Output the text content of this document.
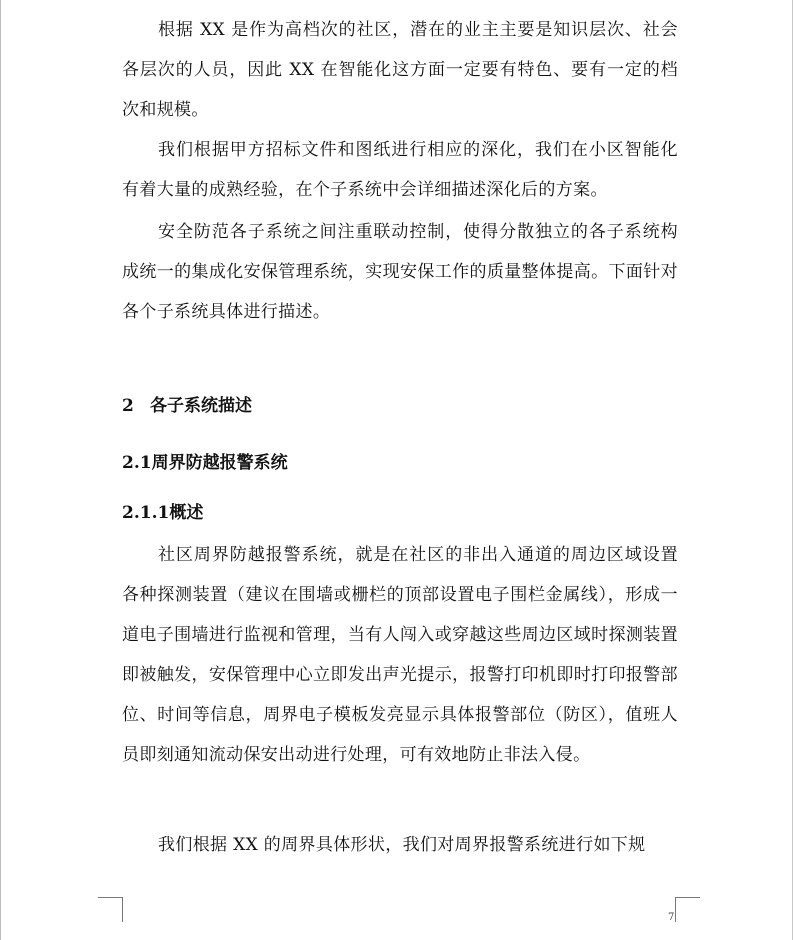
根据 XX 是作为高档次的社区，潜在的业主主要是知识层次、社会各层次的人员，因此 XX 在智能化这方面一定要有特色、要有一定的档次和规模。

我们根据甲方招标文件和图纸进行相应的深化，我们在小区智能化有着大量的成熟经验，在个子系统中会详细描述深化后的方案。

安全防范各子系统之间注重联动控制，使得分散独立的各子系统构成统一的集成化安保管理系统，实现安保工作的质量整体提高。下面针对各个子系统具体进行描述。

2 各子系统描述
2.1周界防越报警系统
2.1.1概述

社区周界防越报警系统，就是在社区的非出入通道的周边区域设置各种探测装置（建议在围墙或栅栏的顶部设置电子围栏金属线），形成一道电子围墙进行监视和管理，当有人闯入或穿越这些周边区域时探测装置即被触发，安保管理中心立即发出声光提示，报警打印机即时打印报警部位、时间等信息，周界电子模板发亮显示具体报警部位（防区），值班人员即刻通知流动保安出动进行处理，可有效地防止非法入侵。

我们根据 XX 的周界具体形状，我们对周界报警系统进行如下规

7
